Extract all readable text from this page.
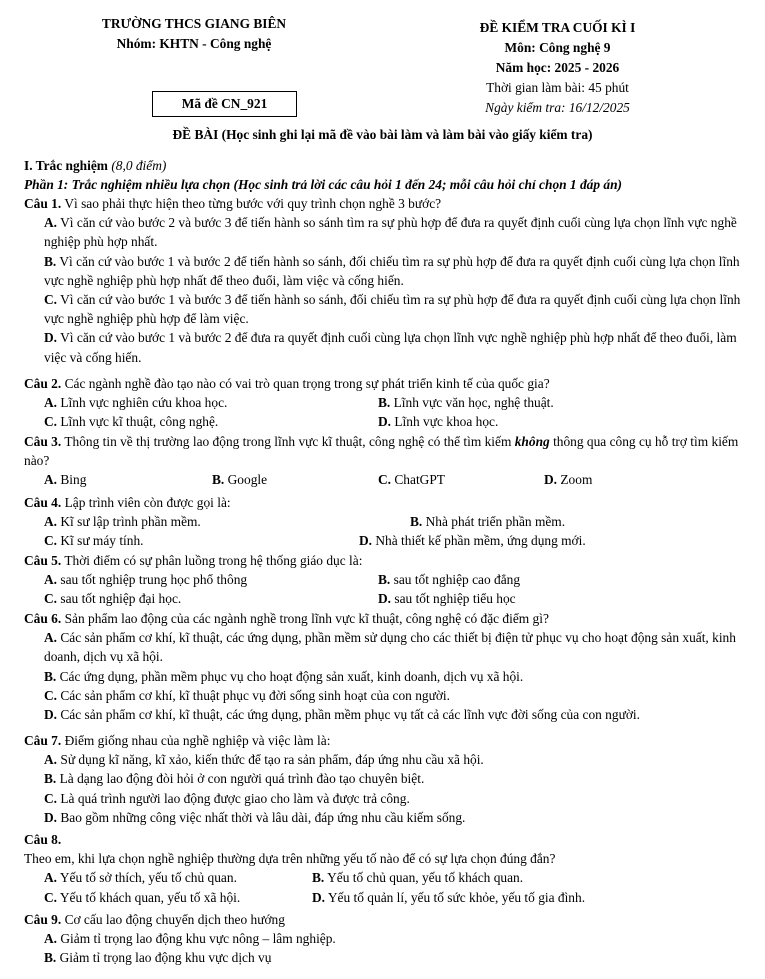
TRƯỜNG THCS GIANG BIÊN
Nhóm: KHTN - Công nghệ
ĐỀ KIỂM TRA CUỐI KÌ I
Môn: Công nghệ 9
Năm học: 2025 - 2026
Thời gian làm bài: 45 phút
Ngày kiểm tra: 16/12/2025
Mã đề CN_921
ĐỀ BÀI (Học sinh ghi lại mã đề vào bài làm và làm bài vào giấy kiểm tra)
I. Trắc nghiệm (8,0 điểm)
Phần 1: Trắc nghiệm nhiều lựa chọn (Học sinh trả lời các câu hỏi 1 đến 24; mỗi câu hỏi chỉ chọn 1 đáp án)
Câu 1. Vì sao phải thực hiện theo từng bước với quy trình chọn nghề 3 bước?
A. Vì căn cứ vào bước 2 và bước 3 để tiến hành so sánh tìm ra sự phù hợp để đưa ra quyết định cuối cùng lựa chọn lĩnh vực nghề nghiệp phù hợp nhất.
B. Vì căn cứ vào bước 1 và bước 2 để tiến hành so sánh, đối chiếu tìm ra sự phù hợp để đưa ra quyết định cuối cùng lựa chọn lĩnh vực nghề nghiệp phù hợp nhất để theo đuổi, làm việc và cống hiến.
C. Vì căn cứ vào bước 1 và bước 3 để tiến hành so sánh, đối chiếu tìm ra sự phù hợp để đưa ra quyết định cuối cùng lựa chọn lĩnh vực nghề nghiệp phù hợp để làm việc.
D. Vì căn cứ vào bước 1 và bước 2 để đưa ra quyết định cuối cùng lựa chọn lĩnh vực nghề nghiệp phù hợp nhất để theo đuổi, làm việc và cống hiến.
Câu 2. Các ngành nghề đào tạo nào có vai trò quan trọng trong sự phát triển kinh tế của quốc gia?
A. Lĩnh vực nghiên cứu khoa học.	B. Lĩnh vực văn học, nghệ thuật.
C. Lĩnh vực kĩ thuật, công nghệ.	D. Lĩnh vực khoa học.
Câu 3. Thông tin về thị trường lao động trong lĩnh vực kĩ thuật, công nghệ có thể tìm kiếm không thông qua công cụ hỗ trợ tìm kiếm nào?
A. Bing	B. Google	C. ChatGPT	D. Zoom
Câu 4. Lập trình viên còn được gọi là:
A. Kĩ sư lập trình phần mềm.	B. Nhà phát triển phần mềm.
C. Kĩ sư máy tính.	D. Nhà thiết kế phần mềm, ứng dụng mới.
Câu 5. Thời điểm có sự phân luồng trong hệ thống giáo dục là:
A. sau tốt nghiệp trung học phổ thông	B. sau tốt nghiệp cao đẳng
C. sau tốt nghiệp đại học.	D. sau tốt nghiệp tiểu học
Câu 6. Sản phẩm lao động của các ngành nghề trong lĩnh vực kĩ thuật, công nghệ có đặc điểm gì?
A. Các sản phẩm cơ khí, kĩ thuật, các ứng dụng, phần mềm sử dụng cho các thiết bị điện tử phục vụ cho hoạt động sản xuất, kinh doanh, dịch vụ xã hội.
B. Các ứng dụng, phần mềm phục vụ cho hoạt động sản xuất, kinh doanh, dịch vụ xã hội.
C. Các sản phẩm cơ khí, kĩ thuật phục vụ đời sống sinh hoạt của con người.
D. Các sản phẩm cơ khí, kĩ thuật, các ứng dụng, phần mềm phục vụ tất cả các lĩnh vực đời sống của con người.
Câu 7. Điểm giống nhau của nghề nghiệp và việc làm là:
A. Sử dụng kĩ năng, kĩ xảo, kiến thức để tạo ra sản phẩm, đáp ứng nhu cầu xã hội.
B. Là dạng lao động đòi hỏi ở con người quá trình đào tạo chuyên biệt.
C. Là quá trình người lao động được giao cho làm và được trả công.
D. Bao gồm những công việc nhất thời và lâu dài, đáp ứng nhu cầu kiếm sống.
Câu 8.
Theo em, khi lựa chọn nghề nghiệp thường dựa trên những yếu tố nào để có sự lựa chọn đúng đắn?
A. Yếu tố sở thích, yếu tố chủ quan.	B. Yếu tố chủ quan, yếu tố khách quan.
C. Yếu tố khách quan, yếu tố xã hội.	D. Yếu tố quản lí, yếu tố sức khỏe, yếu tố gia đình.
Câu 9. Cơ cấu lao động chuyển dịch theo hướng
A. Giảm tỉ trọng lao động khu vực nông – lâm nghiệp.
B. Giảm tỉ trọng lao động khu vực dịch vụ
